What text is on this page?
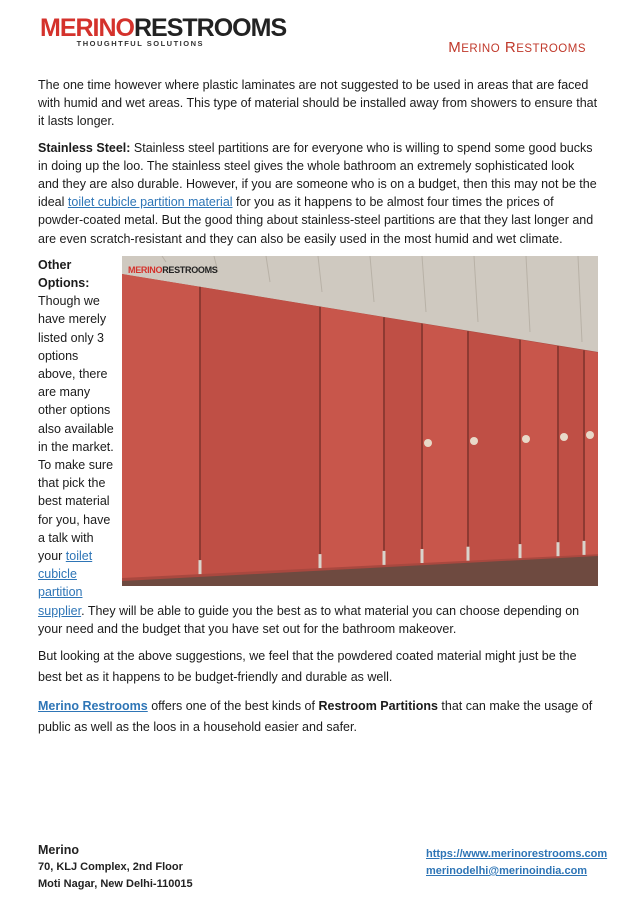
MERINORESTROOMS
THOUGHTFUL SOLUTIONS	MERINO RESTROOMS

The one time however where plastic laminates are not suggested to be used in areas that are faced with humid and wet areas. This type of material should be installed away from showers to ensure that it lasts longer.

Stainless Steel: Stainless steel partitions are for everyone who is willing to spend some good bucks in doing up the loo. The stainless steel gives the whole bathroom an extremely sophisticated look and they are also durable. However, if you are someone who is on a budget, then this may not be the ideal toilet cubicle partition material for you as it happens to be almost four times the prices of powder-coated metal. But the good thing about stainless-steel partitions are that they last longer and are even scratch-resistant and they can also be easily used in the most humid and wet climate.

MERINORESTROOMS

Other Options:
Though we have merely listed only 3 options above, there are many other options also available in the market. To make sure that pick the best material for you, have a talk with your toilet cubicle partition supplier. They will be able to guide you the best as to what material you can choose depending on your need and the budget that you have set out for the bathroom makeover.

But looking at the above suggestions, we feel that the powdered coated material might just be the best bet as it happens to be budget-friendly and durable as well.

Merino Restrooms offers one of the best kinds of Restroom Partitions that can make the usage of public as well as the loos in a household easier and safer.

Merino
70, KLJ Complex, 2nd Floor
Moti Nagar, New Delhi-110015
https://www.merinorestrooms.com
merinodelhi@merinoindia.com
